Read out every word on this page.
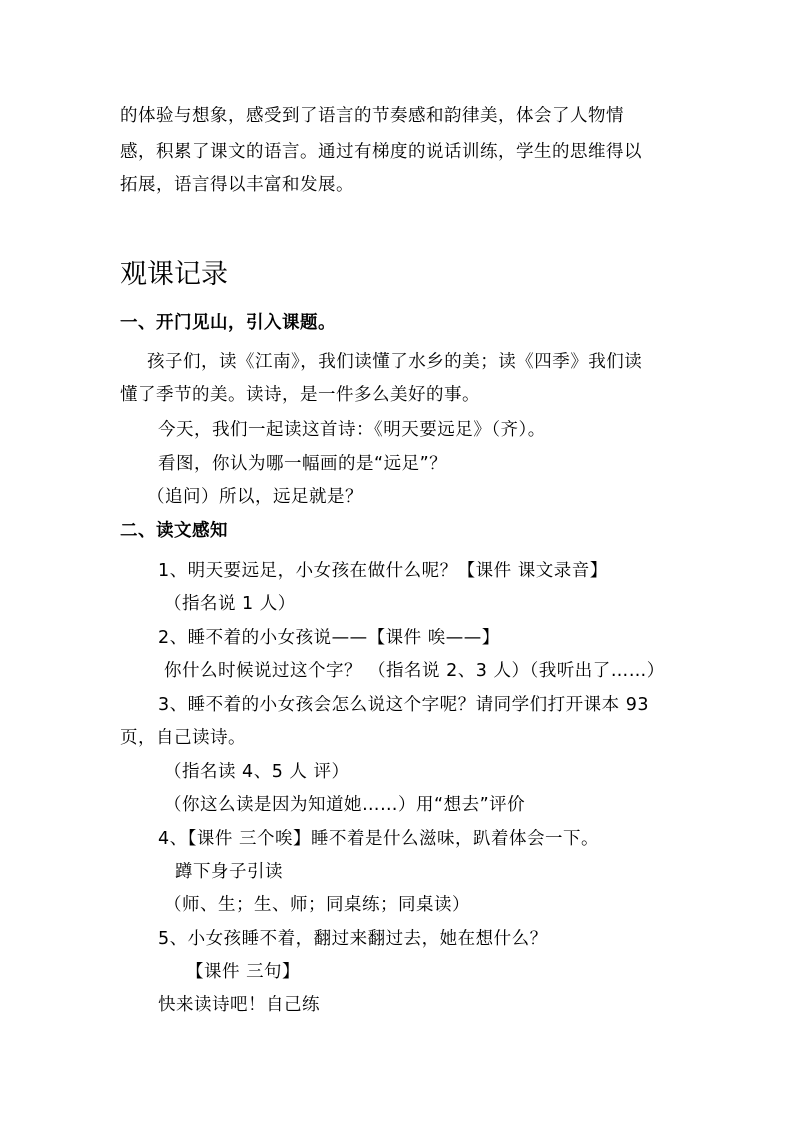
的体验与想象，感受到了语言的节奏感和韵律美，体会了人物情
感，积累了课文的语言。通过有梯度的说话训练，学生的思维得以
拓展，语言得以丰富和发展。
观课记录
一、开门见山，引入课题。
孩子们，读《江南》，我们读懂了水乡的美；读《四季》我们读
懂了季节的美。读诗，是一件多么美好的事。
今天，我们一起读这首诗：《明天要远足》（齐）。
看图，你认为哪一幅画的是“远足”？
（追问）所以，远足就是？
二、读文感知
1、明天要远足，小女孩在做什么呢？【课件 课文录音】
（指名说 1 人）
2、睡不着的小女孩说——【课件 唉——】
你什么时候说过这个字？ （指名说 2、3 人）（我听出了……）
3、睡不着的小女孩会怎么说这个字呢？请同学们打开课本 93
页，自己读诗。
（指名读 4、5 人 评）
（你这么读是因为知道她……）用“想去”评价
4、【课件 三个唉】睡不着是什么滋味，趴着体会一下。
蹲下身子引读
（师、生；生、师；同桌练；同桌读）
5、小女孩睡不着，翻过来翻过去，她在想什么？
【课件 三句】
快来读诗吧！自己练
